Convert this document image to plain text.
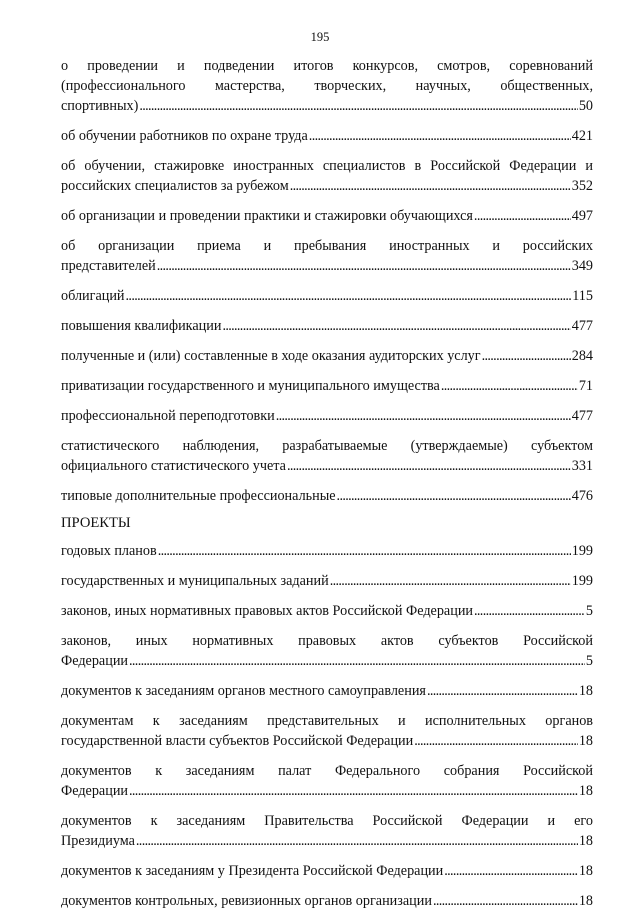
195
о проведении и подведении итогов конкурсов, смотров, соревнований (профессионального мастерства, творческих, научных, общественных,
спортивных) . . .	50
об обучении работников по охране труда . . .	421
об обучении, стажировке иностранных специалистов в Российской Федерации и
российских специалистов за рубежом . . .	352
об организации и проведении практики и стажировки обучающихся . . .	497
об организации приема и пребывания иностранных и российских
представителей . . .	349
облигаций . . .	115
повышения квалификации . . .	477
полученные и (или) составленные в ходе оказания аудиторских услуг . . .	284
приватизации государственного и муниципального имущества . . .	71
профессиональной переподготовки . . .	477
статистического наблюдения, разрабатываемые (утверждаемые) субъектом
официального статистического учета . . .	331
типовые дополнительные профессиональные . . .	476
ПРОЕКТЫ
годовых планов . . .	199
государственных и муниципальных заданий . . .	199
законов, иных нормативных правовых актов Российской Федерации . . .	5
законов, иных нормативных правовых актов субъектов Российской
Федерации . . .	5
документов к заседаниям органов местного самоуправления . . .	18
документам к заседаниям представительных и исполнительных органов
государственной власти субъектов Российской Федерации . . .	18
документов к заседаниям палат Федерального собрания Российской
Федерации . . .	18
документов к заседаниям Правительства Российской Федерации и его
Президиума . . .	18
документов к заседаниям у Президента Российской Федерации . . .	18
документов контрольных, ревизионных органов организации . . .	18
